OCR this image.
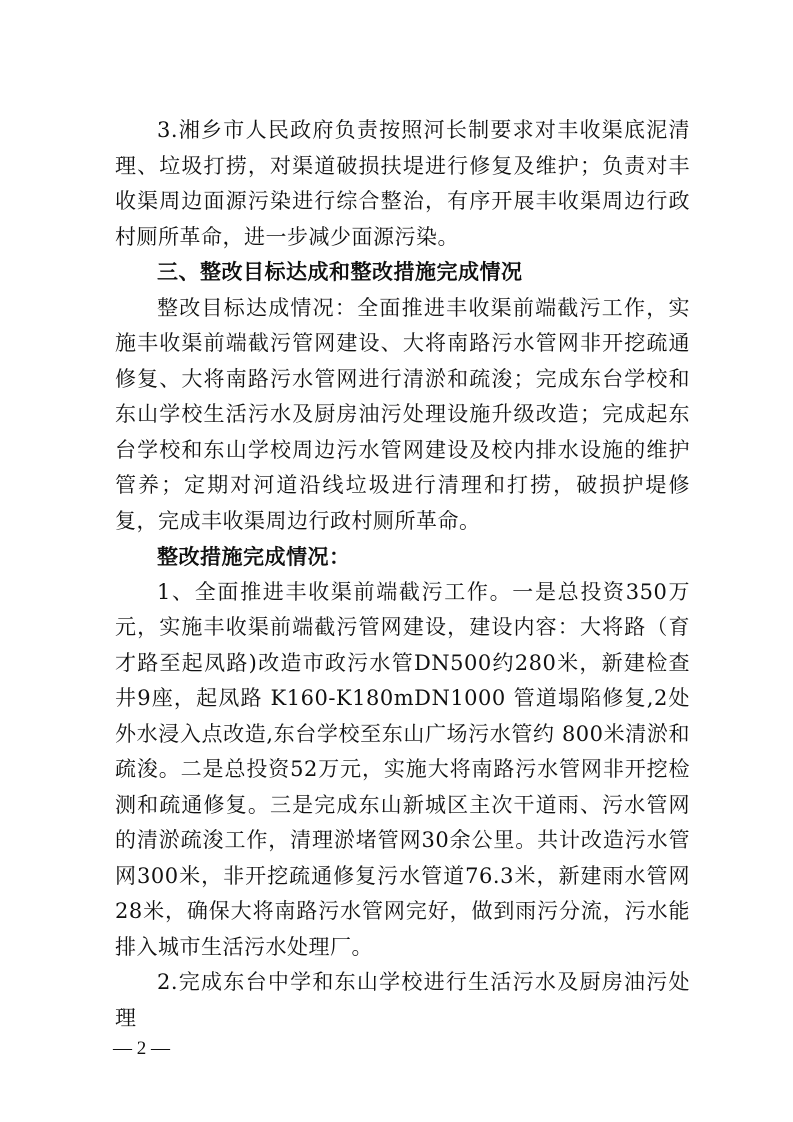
3.湘乡市人民政府负责按照河长制要求对丰收渠底泥清理、垃圾打捞，对渠道破损扶堤进行修复及维护；负责对丰收渠周边面源污染进行综合整治，有序开展丰收渠周边行政村厕所革命，进一步减少面源污染。

三、整改目标达成和整改措施完成情况

整改目标达成情况：全面推进丰收渠前端截污工作，实施丰收渠前端截污管网建设、大将南路污水管网非开挖疏通修复、大将南路污水管网进行清淤和疏浚；完成东台学校和东山学校生活污水及厨房油污处理设施升级改造；完成起东台学校和东山学校周边污水管网建设及校内排水设施的维护管养；定期对河道沿线垃圾进行清理和打捞，破损护堤修复，完成丰收渠周边行政村厕所革命。

整改措施完成情况：

1、全面推进丰收渠前端截污工作。一是总投资350万元，实施丰收渠前端截污管网建设，建设内容：大将路（育才路至起凤路)改造市政污水管DN500约280米，新建检查井9座，起凤路 K160-K180mDN1000 管道塌陷修复,2处外水浸入点改造,东台学校至东山广场污水管约 800米清淤和疏浚。二是总投资52万元，实施大将南路污水管网非开挖检测和疏通修复。三是完成东山新城区主次干道雨、污水管网的清淤疏浚工作，清理淤堵管网30余公里。共计改造污水管网300米，非开挖疏通修复污水管道76.3米，新建雨水管网28米，确保大将南路污水管网完好，做到雨污分流，污水能排入城市生活污水处理厂。

2.完成东台中学和东山学校进行生活污水及厨房油污处理

— 2 —
